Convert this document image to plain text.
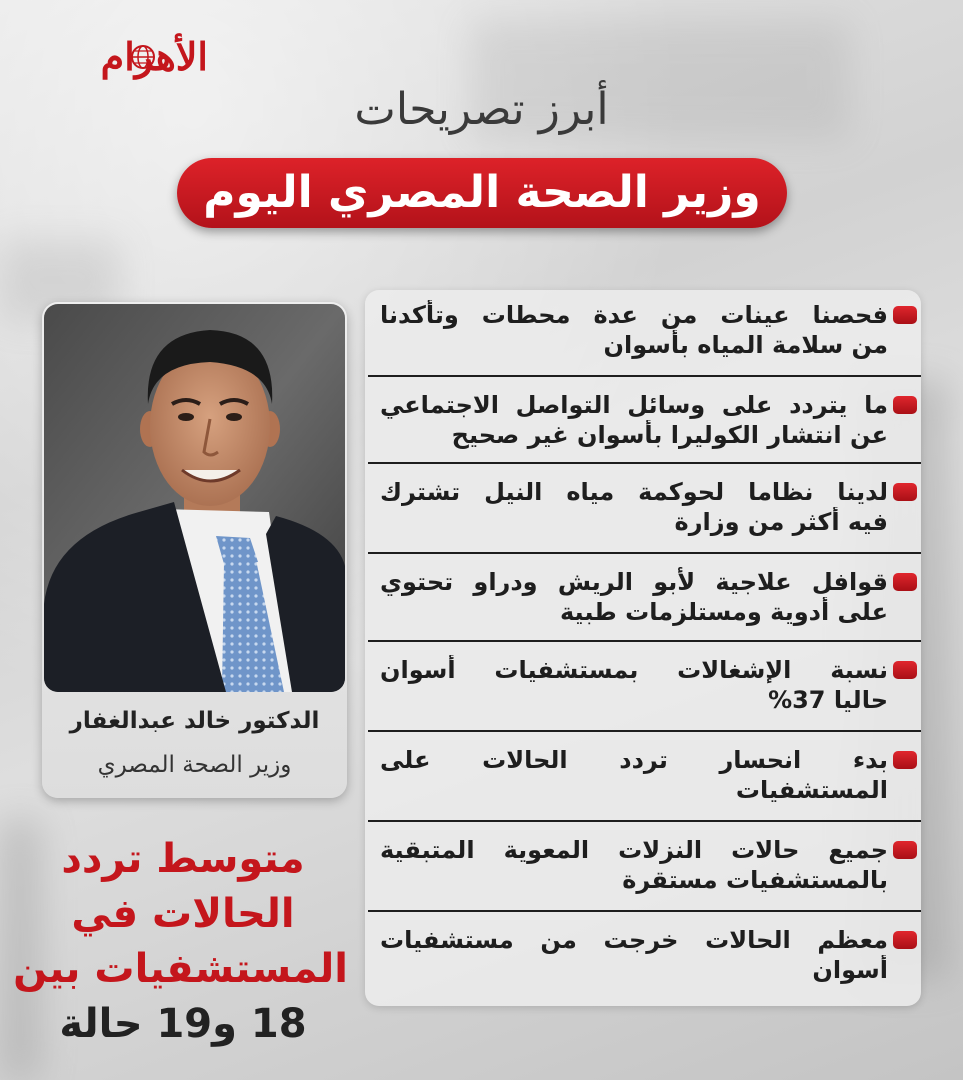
الأهرام
أبرز تصريحات
وزير الصحة المصري اليوم
الدكتور خالد عبدالغفار
وزير الصحة المصري
متوسط تردد
الحالات في
المستشفيات بين
18 و19 حالة
فحصنا عينات من عدة محطات وتأكدنا
من سلامة المياه بأسوان
ما يتردد على وسائل التواصل الاجتماعي
عن انتشار الكوليرا بأسوان غير صحيح
لدينا نظاما لحوكمة مياه النيل تشترك
فيه أكثر من وزارة
قوافل علاجية لأبو الريش ودراو تحتوي
على أدوية ومستلزمات طبية
نسبة الإشغالات بمستشفيات أسوان
حاليا 37%
بدء انحسار تردد الحالات على
المستشفيات
جميع حالات النزلات المعوية المتبقية
بالمستشفيات مستقرة
معظم الحالات خرجت من مستشفيات
أسوان
